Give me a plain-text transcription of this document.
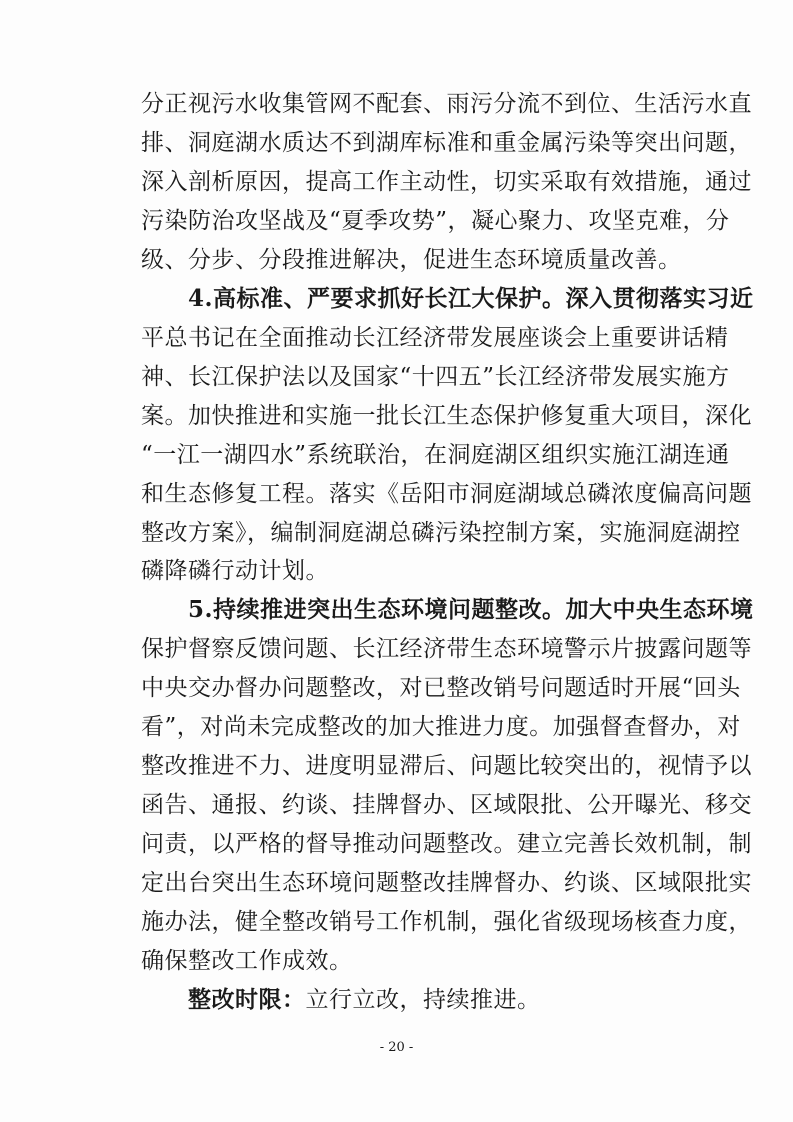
分正视污水收集管网不配套、雨污分流不到位、生活污水直
排、洞庭湖水质达不到湖库标准和重金属污染等突出问题，
深入剖析原因，提高工作主动性，切实采取有效措施，通过
污染防治攻坚战及“夏季攻势”，凝心聚力、攻坚克难，分
级、分步、分段推进解决，促进生态环境质量改善。
4.高标准、严要求抓好长江大保护。深入贯彻落实习近
平总书记在全面推动长江经济带发展座谈会上重要讲话精
神、长江保护法以及国家“十四五”长江经济带发展实施方
案。加快推进和实施一批长江生态保护修复重大项目，深化
“一江一湖四水”系统联治，在洞庭湖区组织实施江湖连通
和生态修复工程。落实《岳阳市洞庭湖域总磷浓度偏高问题
整改方案》，编制洞庭湖总磷污染控制方案，实施洞庭湖控
磷降磷行动计划。
5.持续推进突出生态环境问题整改。加大中央生态环境
保护督察反馈问题、长江经济带生态环境警示片披露问题等
中央交办督办问题整改，对已整改销号问题适时开展“回头
看”，对尚未完成整改的加大推进力度。加强督查督办，对
整改推进不力、进度明显滞后、问题比较突出的，视情予以
函告、通报、约谈、挂牌督办、区域限批、公开曝光、移交
问责，以严格的督导推动问题整改。建立完善长效机制，制
定出台突出生态环境问题整改挂牌督办、约谈、区域限批实
施办法，健全整改销号工作机制，强化省级现场核查力度，
确保整改工作成效。
整改时限：立行立改，持续推进。
- 20 -
